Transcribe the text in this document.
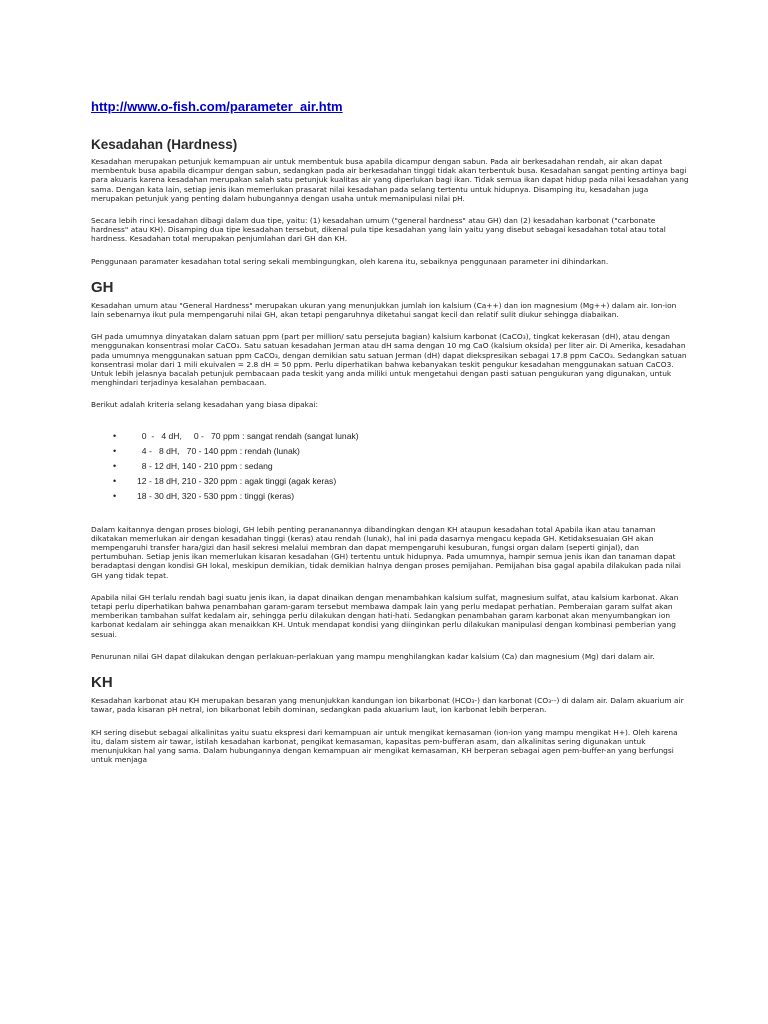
http://www.o-fish.com/parameter_air.htm
Kesadahan (Hardness)

Kesadahan merupakan petunjuk kemampuan air untuk membentuk busa apabila dicampur dengan sabun. Pada air berkesadahan rendah, air akan dapat membentuk busa apabila dicampur dengan sabun, sedangkan pada air berkesadahan tinggi tidak akan terbentuk busa. Kesadahan sangat penting artinya bagi para akuaris karena kesadahan merupakan salah satu petunjuk kualitas air yang diperlukan bagi ikan. Tidak semua ikan dapat hidup pada nilai kesadahan yang sama. Dengan kata lain, setiap jenis ikan memerlukan prasarat nilai kesadahan pada selang tertentu untuk hidupnya. Disamping itu, kesadahan juga merupakan petunjuk yang penting dalam hubungannya dengan usaha untuk memanipulasi nilai pH.

Secara lebih rinci kesadahan dibagi dalam dua tipe, yaitu: (1) kesadahan umum ("general hardness" atau GH) dan (2) kesadahan karbonat ("carbonate hardness" atau KH). Disamping dua tipe kesadahan tersebut, dikenal pula tipe kesadahan yang lain yaitu yang disebut sebagai kesadahan total atau total hardness. Kesadahan total merupakan penjumlahan dari GH dan KH.

Penggunaan paramater kesadahan total sering sekali membingungkan, oleh karena itu, sebaiknya penggunaan parameter ini dihindarkan.

GH

Kesadahan umum atau "General Hardness" merupakan ukuran yang menunjukkan jumlah ion kalsium (Ca++) dan ion magnesium (Mg++) dalam air. Ion-ion lain sebenarnya ikut pula mempengaruhi nilai GH, akan tetapi pengaruhnya diketahui sangat kecil dan relatif sulit diukur sehingga diabaikan.

GH pada umumnya dinyatakan dalam satuan ppm (part per million/ satu persejuta bagian) kalsium karbonat (CaCO₃), tingkat kekerasan (dH), atau dengan menggunakan konsentrasi molar CaCO₃. Satu satuan kesadahan Jerman atau dH sama dengan 10 mg CaO (kalsium oksida) per liter air. Di Amerika, kesadahan pada umumnya menggunakan satuan ppm CaCO₃, dengan demikian satu satuan Jerman (dH) dapat diekspresikan sebagai 17.8 ppm CaCO₃. Sedangkan satuan konsentrasi molar dari 1 mili ekuivalen = 2.8 dH = 50 ppm. Perlu diperhatikan bahwa kebanyakan teskit pengukur kesadahan menggunakan satuan CaCO3. Untuk lebih jelasnya bacalah petunjuk pembacaan pada teskit yang anda miliki untuk mengetahui dengan pasti satuan pengukuran yang digunakan, untuk menghindari terjadinya kesalahan pembacaan.

Berikut adalah kriteria selang kesadahan yang biasa dipakai:

• 0  -   4 dH,     0 -   70 ppm : sangat rendah (sangat lunak)
• 4 -   8 dH,   70 - 140 ppm : rendah (lunak)
• 8 - 12 dH, 140 - 210 ppm : sedang
• 12 - 18 dH, 210 - 320 ppm : agak tinggi (agak keras)
• 18 - 30 dH, 320 - 530 ppm : tinggi (keras)

Dalam kaitannya dengan proses biologi, GH lebih penting perananannya dibandingkan dengan KH ataupun kesadahan total Apabila ikan atau tanaman dikatakan memerlukan air dengan kesadahan tinggi (keras) atau rendah (lunak), hal ini pada dasarnya mengacu kepada GH. Ketidaksesuaian GH akan mempengaruhi transfer hara/gizi dan hasil sekresi melalui membran dan dapat mempengaruhi kesuburan, fungsi organ dalam (seperti ginjal), dan pertumbuhan. Setiap jenis ikan memerlukan kisaran kesadahan (GH) tertentu untuk hidupnya. Pada umumnya, hampir semua jenis ikan dan tanaman dapat beradaptasi dengan kondisi GH lokal, meskipun demikian, tidak demikian halnya dengan proses pemijahan. Pemijahan bisa gagal apabila dilakukan pada nilai GH yang tidak tepat.

Apabila nilai GH terlalu rendah bagi suatu jenis ikan, ia dapat dinaikan dengan menambahkan kalsium sulfat, magnesium sulfat, atau kalsium karbonat. Akan tetapi perlu diperhatikan bahwa penambahan garam-garam tersebut membawa dampak lain yang perlu medapat perhatian. Pemberaian garam sulfat akan memberikan tambahan sulfat kedalam air, sehingga perlu dilakukan dengan hati-hati. Sedangkan penambahan garam karbonat akan menyumbangkan ion karbonat kedalam air sehingga akan menaikkan KH. Untuk mendapat kondisi yang diinginkan perlu dilakukan manipulasi dengan kombinasi pemberian yang sesuai.

Penurunan nilai GH dapat dilakukan dengan perlakuan-perlakuan yang mampu menghilangkan kadar kalsium (Ca) dan magnesium (Mg) dari dalam air.

KH

Kesadahan karbonat atau KH merupakan besaran yang menunjukkan kandungan ion bikarbonat (HCO₃-) dan karbonat (CO₃--) di dalam air. Dalam akuarium air tawar, pada kisaran pH netral, ion bikarbonat lebih dominan, sedangkan pada akuarium laut, ion karbonat lebih berperan.

KH sering disebut sebagai alkalinitas yaitu suatu ekspresi dari kemampuan air untuk mengikat kemasaman (ion-ion yang mampu mengikat H+). Oleh karena itu, dalam sistem air tawar, istilah kesadahan karbonat, pengikat kemasaman, kapasitas pem-bufferan asam, dan alkalinitas sering digunakan untuk menunjukkan hal yang sama. Dalam hubungannya dengan kemampuan air mengikat kemasaman, KH berperan sebagai agen pem-buffer-an yang berfungsi untuk menjaga
